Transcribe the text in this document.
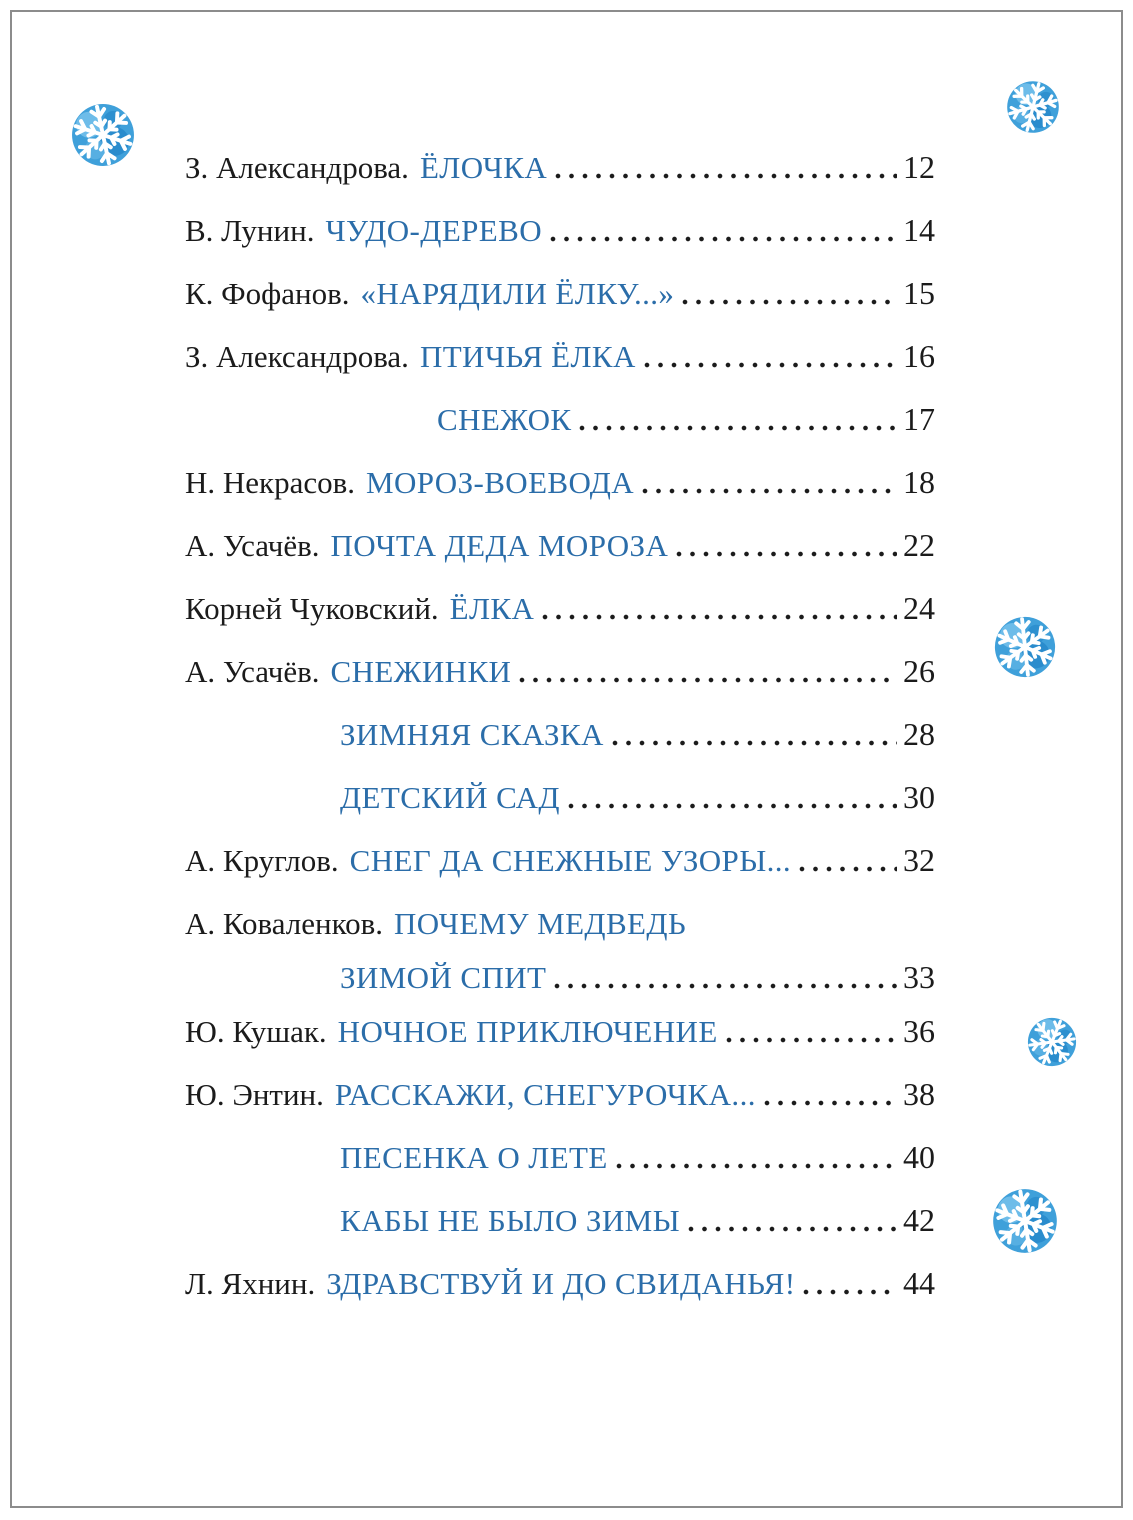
З. Александрова. ЁЛОЧКА	12
В. Лунин. ЧУДО-ДЕРЕВО	14
К. Фофанов. «НАРЯДИЛИ ЁЛКУ...»	15
З. Александрова. ПТИЧЬЯ ЁЛКА	16
СНЕЖОК	17
Н. Некрасов. МОРОЗ-ВОЕВОДА	18
А. Усачёв. ПОЧТА ДЕДА МОРОЗА	22
Корней Чуковский. ЁЛКА	24
А. Усачёв. СНЕЖИНКИ	26
ЗИМНЯЯ СКАЗКА	28
ДЕТСКИЙ САД	30
А. Круглов. СНЕГ ДА СНЕЖНЫЕ УЗОРЫ...	32
А. Коваленков. ПОЧЕМУ МЕДВЕДЬ
ЗИМОЙ СПИТ	33
Ю. Кушак. НОЧНОЕ ПРИКЛЮЧЕНИЕ	36
Ю. Энтин. РАССКАЖИ, СНЕГУРОЧКА...	38
ПЕСЕНКА О ЛЕТЕ	40
КАБЫ НЕ БЫЛО ЗИМЫ	42
Л. Яхнин. ЗДРАВСТВУЙ И ДО СВИДАНЬЯ!	44
